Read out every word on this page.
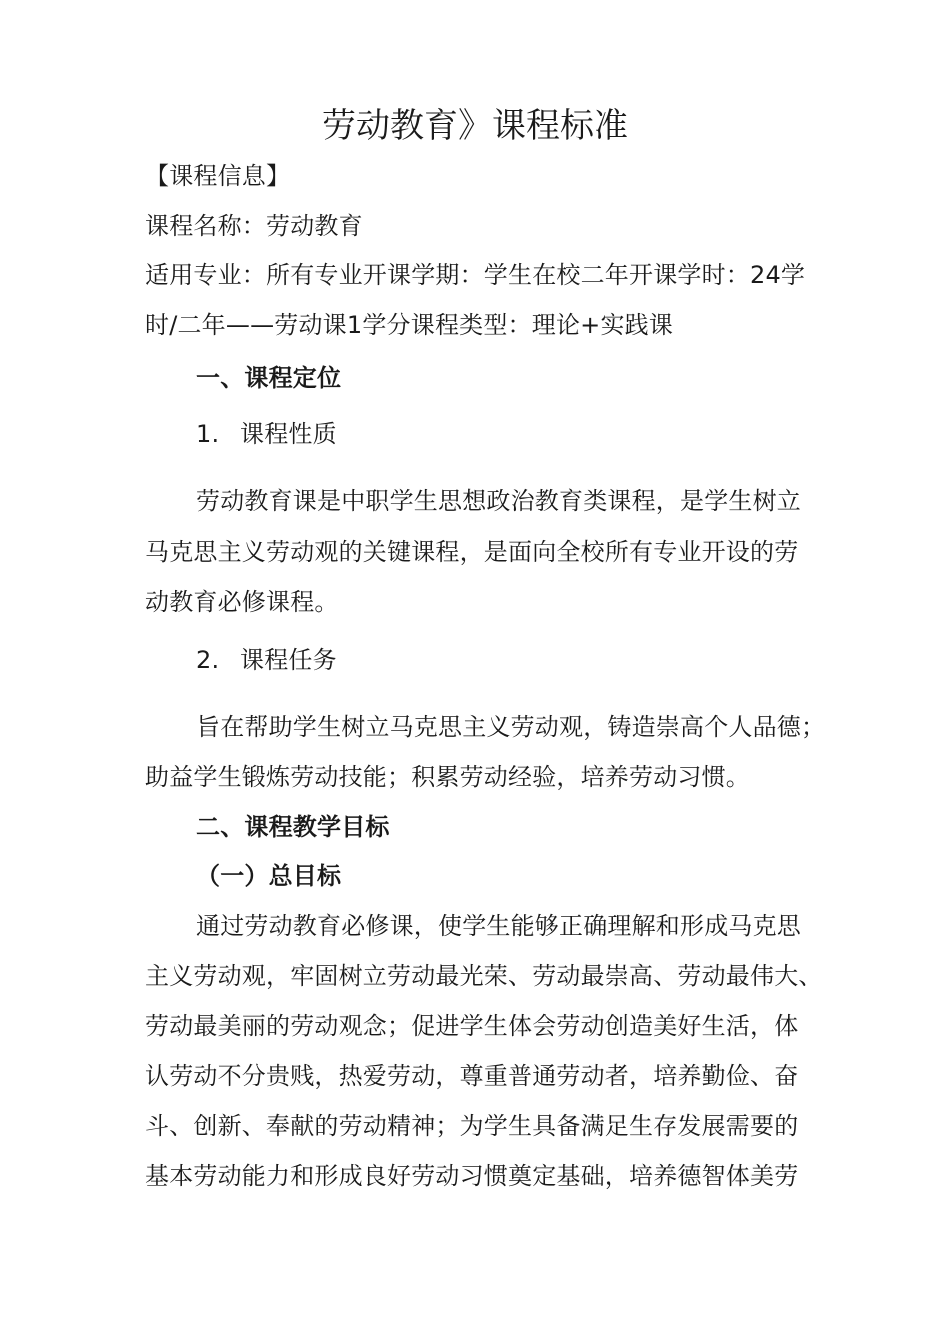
劳动教育》课程标准
【课程信息】
课程名称：劳动教育
适用专业：所有专业开课学期：学生在校二年开课学时：24学
时/二年——劳动课1学分课程类型：理论+实践课
一、课程定位
1. 课程性质
劳动教育课是中职学生思想政治教育类课程，是学生树立
马克思主义劳动观的关键课程，是面向全校所有专业开设的劳
动教育必修课程。
2. 课程任务
旨在帮助学生树立马克思主义劳动观，铸造崇高个人品德；
助益学生锻炼劳动技能；积累劳动经验，培养劳动习惯。
二、课程教学目标
（一）总目标
通过劳动教育必修课，使学生能够正确理解和形成马克思
主义劳动观，牢固树立劳动最光荣、劳动最崇高、劳动最伟大、
劳动最美丽的劳动观念；促进学生体会劳动创造美好生活，体
认劳动不分贵贱，热爱劳动，尊重普通劳动者，培养勤俭、奋
斗、创新、奉献的劳动精神；为学生具备满足生存发展需要的
基本劳动能力和形成良好劳动习惯奠定基础，培养德智体美劳
